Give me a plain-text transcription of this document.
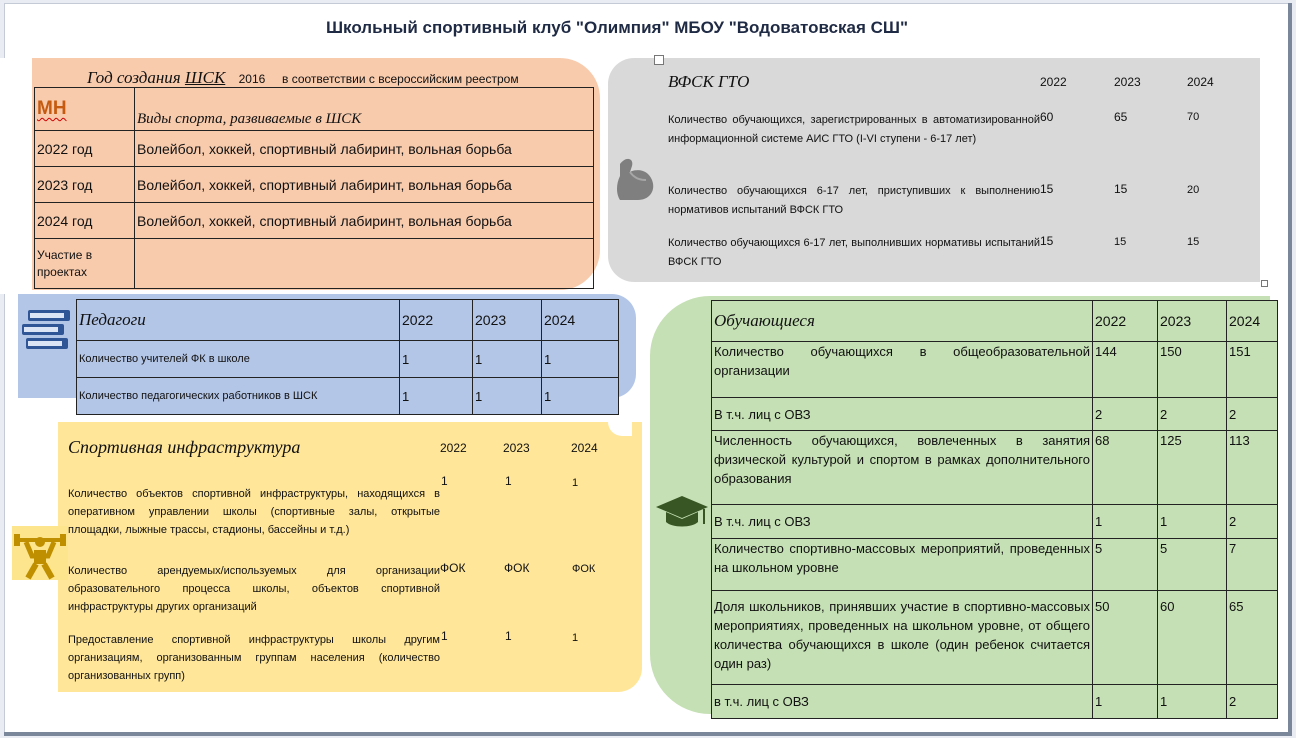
Школьный спортивный клуб "Олимпия" МБОУ "Водоватовская СШ"
Год создания ШСК 2016 в соответствии с всероссийским реестром
МН	Виды спорта, развиваемые в ШСК
2022 год	Волейбол, хоккей, спортивный лабиринт, вольная борьба
2023 год	Волейбол, хоккей, спортивный лабиринт, вольная борьба
2024 год	Волейбол, хоккей, спортивный лабиринт, вольная борьба
Участие в проектах	
Педагоги	2022	2023	2024
Количество учителей ФК в школе	1	1	1
Количество педагогических работников в ШСК	1	1	1
Спортивная инфраструктура	2022	2023	2024
Количество объектов спортивной инфраструктуры, находящихся в оперативном управлении школы (спортивные залы, открытые площадки, лыжные трассы, стадионы, бассейны и т.д.)
1	1	1
Количество арендуемых/используемых для организации образовательного процесса школы, объектов спортивной инфраструктуры других организаций
ФОК	ФОК	ФОК
Предоставление спортивной инфраструктуры школы другим организациям, организованным группам населения (количество организованных групп)
1	1	1
ВФСК ГТО	2022	2023	2024
Количество обучающихся, зарегистрированных в автоматизированной информационной системе АИС ГТО (I-VI ступени - 6-17 лет)
60	65	70
Количество обучающихся 6-17 лет, приступивших к выполнению нормативов испытаний ВФСК ГТО
15	15	20
Количество обучающихся 6-17 лет, выполнивших нормативы испытаний ВФСК ГТО
15	15	15
Обучающиеся	2022	2023	2024
Количество обучающихся в общеобразовательной организации	144	150	151
В т.ч. лиц с ОВЗ	2	2	2
Численность обучающихся, вовлеченных в занятия физической культурой и спортом в рамках дополнительного образования	68	125	113
В т.ч. лиц с ОВЗ	1	1	2
Количество спортивно-массовых мероприятий, проведенных на школьном уровне	5	5	7
Доля школьников, принявших участие в спортивно-массовых мероприятиях, проведенных на школьном уровне, от общего количества обучающихся в школе (один ребенок считается один раз)	50	60	65
в т.ч. лиц с ОВЗ	1	1	2
